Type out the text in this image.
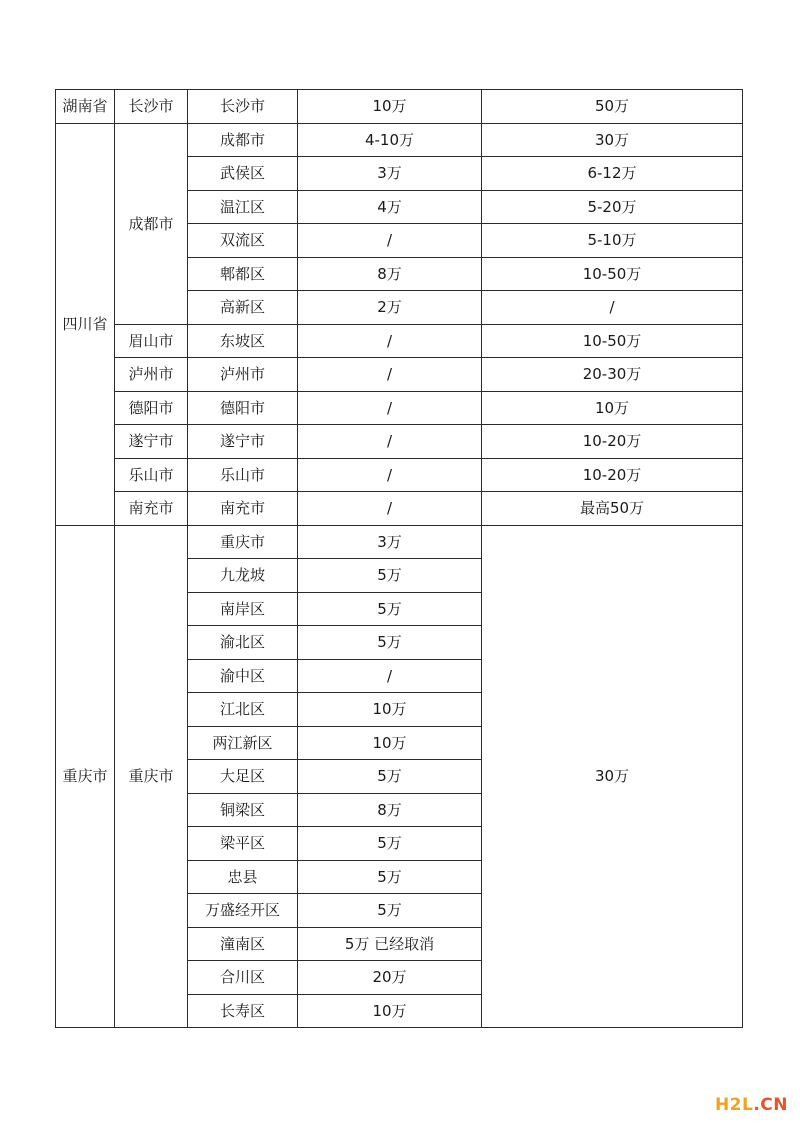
湖南省	长沙市	长沙市	10万	50万
四川省	成都市	成都市	4-10万	30万
		武侯区	3万	6-12万
		温江区	4万	5-20万
		双流区	/	5-10万
		郫都区	8万	10-50万
		高新区	2万	/
	眉山市	东坡区	/	10-50万
	泸州市	泸州市	/	20-30万
	德阳市	德阳市	/	10万
	遂宁市	遂宁市	/	10-20万
	乐山市	乐山市	/	10-20万
	南充市	南充市	/	最高50万
重庆市	重庆市	重庆市	3万	30万
		九龙坡	5万	
		南岸区	5万	
		渝北区	5万	
		渝中区	/	
		江北区	10万	
		两江新区	10万	
		大足区	5万	
		铜梁区	8万	
		梁平区	5万	
		忠县	5万	
		万盛经开区	5万	
		潼南区	5万 已经取消	
		合川区	20万	
		长寿区	10万	
H2L.CN
